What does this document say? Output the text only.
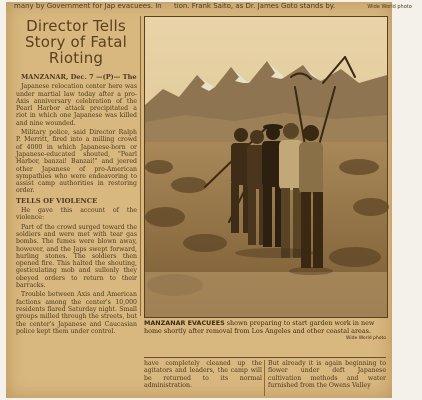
many by Government for Jap evacuees. In tion. Frank Saito, as Dr. James Goto stands by.	Wide World photo
Director Tells Story of Fatal Rioting

MANZANAR, Dec. 7 —(P)— The

Japanese relocation center here was under martial law today after a pro-Axis anniversary celebration of the Pearl Harbor attack precipitated a riot in which one Japanese was killed and nine wounded.

Military police, said Director Ralph P. Merritt, fired into a milling crowd of 4000 in which Japanese-born or Japanese-educated shouted, "Pearl Harbor, banzai! Banzai!" and jeered other Japanese of pro-American sympathies who were endeavoring to assist camp authorities in restoring order.

TELLS OF VIOLENCE

He gave this account of the violence:

Part of the crowd surged toward the soldiers and were met with tear gas bombs. The fumes were blown away, however, and the Japs swept forward, hurling stones. The soldiers then opened fire. This halted the shouting, gesticulating mob and sullenly they obeyed orders to return to their barracks.

Trouble between Axis and American factions among the center's 10,000 residents flared Saturday night. Small groups milled through the streets, but the center's Japanese and Caucasian police kept them under control.

MANZANAR EVACUEES shown preparing to start garden work in new home shortly after removal from Los Angeles and other coastal areas.
Wide World photo
have completely cleaned up the agitators and leaders, the camp will be returned to its normal administration.
But already it is again beginning to flower under deft Japanese cultivation methods and water furnished from the Owens Valley
